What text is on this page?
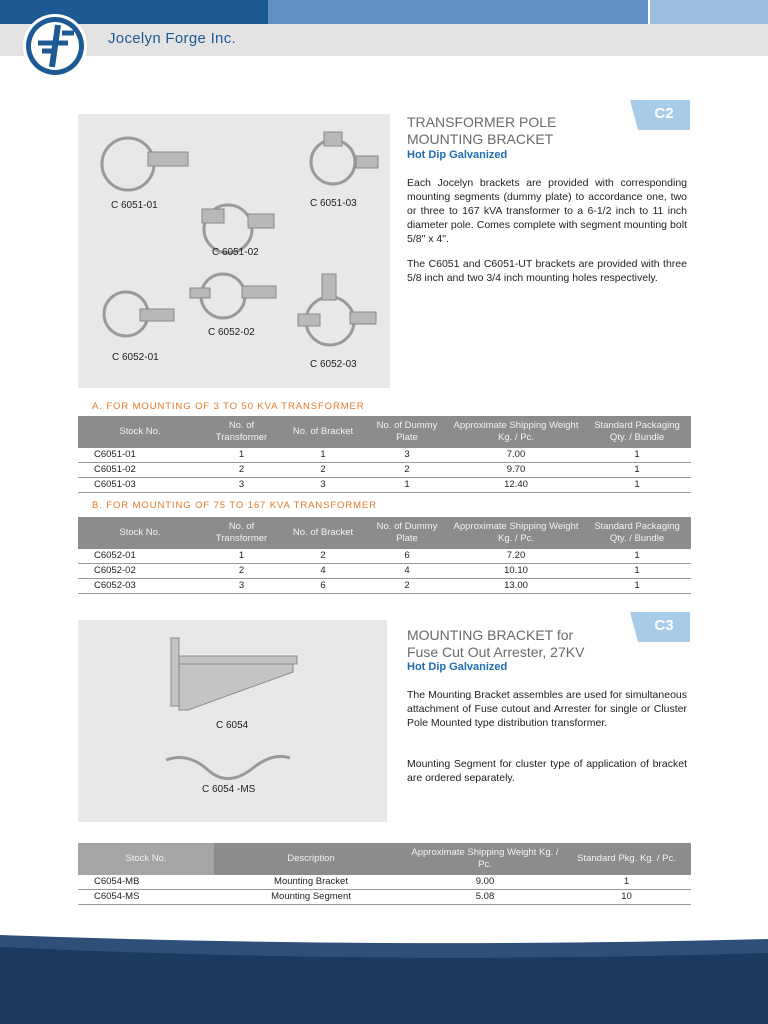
Jocelyn Forge Inc.
C 6051-01	C 6051-03
C 6051-02
C 6052-02
C 6052-01
C 6052-03
C2
TRANSFORMER POLE
MOUNTING BRACKET
Hot Dip Galvanized
Each Jocelyn brackets are provided with corresponding mounting segments (dummy plate) to accordance one, two or three to 167 kVA transformer to a 6-1/2 inch to 11 inch diameter pole. Comes complete with segment mounting bolt 5/8" x 4".
The C6051 and C6051-UT brackets are provided with three 5/8 inch and two 3/4 inch mounting holes respectively.
A. FOR MOUNTING OF 3 TO 50 KVA TRANSFORMER
Stock No.	No. of Transformer	No. of Bracket	No. of Dummy Plate	Approximate Shipping Weight Kg. / Pc.	Standard Packaging Qty. / Bundle
C6051-01	1	1	3	7.00	1
C6051-02	2	2	2	9.70	1
C6051-03	3	3	1	12.40	1
B. FOR MOUNTING OF 75 TO 167 KVA TRANSFORMER
Stock No.	No. of Transformer	No. of Bracket	No. of Dummy Plate	Approximate Shipping Weight Kg. / Pc.	Standard Packaging Qty. / Bundle
C6052-01	1	2	6	7.20	1
C6052-02	2	4	4	10.10	1
C6052-03	3	6	2	13.00	1
C 6054
C 6054 -MS
C3
MOUNTING BRACKET for
Fuse Cut Out Arrester, 27KV
Hot Dip Galvanized
The Mounting Bracket assembles are used for simultaneous attachment of Fuse cutout and Arrester for single or Cluster Pole Mounted type distribution transformer.
Mounting Segment for cluster type of application of bracket are ordered separately.
Stock No.	Description	Approximate Shipping Weight Kg. / Pc.	Standard Pkg. Kg. / Pc.
C6054-MB	Mounting Bracket	9.00	1
C6054-MS	Mounting Segment	5.08	10
